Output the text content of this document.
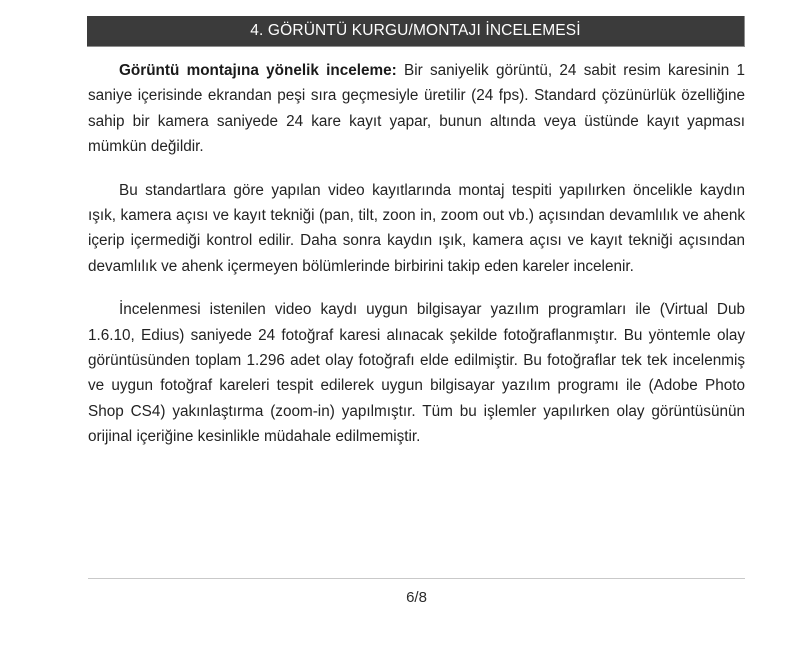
4. GÖRÜNTÜ KURGU/MONTAJI İNCELEMESİ

Görüntü montajına yönelik inceleme: Bir saniyelik görüntü, 24 sabit resim karesinin 1 saniye içerisinde ekrandan peşi sıra geçmesiyle üretilir (24 fps). Standard çözünürlük özelliğine sahip bir kamera saniyede 24 kare kayıt yapar, bunun altında veya üstünde kayıt yapması mümkün değildir.

Bu standartlara göre yapılan video kayıtlarında montaj tespiti yapılırken öncelikle kaydın ışık, kamera açısı ve kayıt tekniği (pan, tilt, zoon in, zoom out vb.) açısından devamlılık ve ahenk içerip içermediği kontrol edilir. Daha sonra kaydın ışık, kamera açısı ve kayıt tekniği açısından devamlılık ve ahenk içermeyen bölümlerinde birbirini takip eden kareler incelenir.

İncelenmesi istenilen video kaydı uygun bilgisayar yazılım programları ile (Virtual Dub 1.6.10, Edius) saniyede 24 fotoğraf karesi alınacak şekilde fotoğraflanmıştır. Bu yöntemle olay görüntüsünden toplam 1.296 adet olay fotoğrafı elde edilmiştir. Bu fotoğraflar tek tek incelenmiş ve uygun fotoğraf kareleri tespit edilerek uygun bilgisayar yazılım programı ile (Adobe Photo Shop CS4) yakınlaştırma (zoom-in) yapılmıştır. Tüm bu işlemler yapılırken olay görüntüsünün orijinal içeriğine kesinlikle müdahale edilmemiştir.

6/8
